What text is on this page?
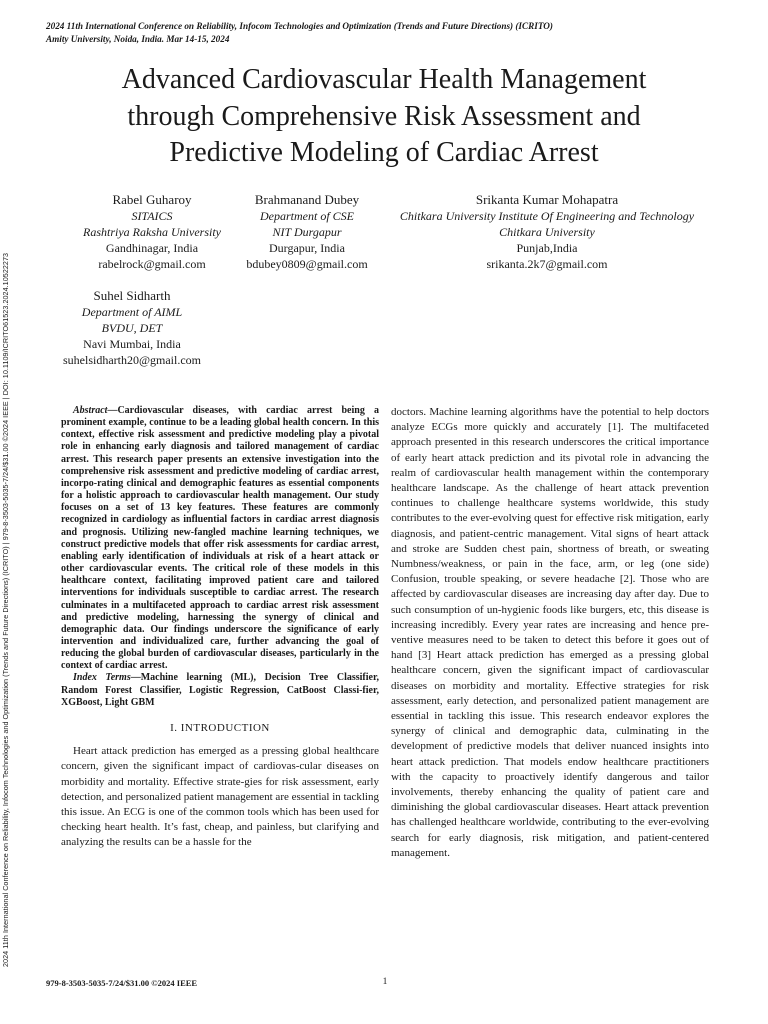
2024 11th International Conference on Reliability, Infocom Technologies and Optimization (Trends and Future Directions) (ICRITO)
Amity University, Noida, India. Mar 14-15, 2024
2024 11th International Conference on Reliability, Infocom Technologies and Optimization (Trends and Future Directions) (ICRITO) | 979-8-3503-5035-7/24/$31.00 ©2024 IEEE | DOI: 10.1109/ICRITO61523.2024.10522273
Advanced Cardiovascular Health Management
through Comprehensive Risk Assessment and
Predictive Modeling of Cardiac Arrest
Rabel Guharoy
SITAICS
Rashtriya Raksha University
Gandhinagar, India
rabelrock@gmail.com
Brahmanand Dubey
Department of CSE
NIT Durgapur
Durgapur, India
bdubey0809@gmail.com
Srikanta Kumar Mohapatra
Chitkara University Institute Of Engineering and Technology
Chitkara University
Punjab,India
srikanta.2k7@gmail.com
Suhel Sidharth
Department of AIML
BVDU, DET
Navi Mumbai, India
suhelsidharth20@gmail.com

Abstract—Cardiovascular diseases, with cardiac arrest being a prominent example, continue to be a leading global health concern. In this context, effective risk assessment and predictive modeling play a pivotal role in enhancing early diagnosis and tailored management of cardiac arrest. This research paper presents an extensive investigation into the comprehensive risk assessment and predictive modeling of cardiac arrest, incorpo-rating clinical and demographic features as essential components for a holistic approach to cardiovascular health management. Our study focuses on a set of 13 key features. These features are commonly recognized in cardiology as influential factors in cardiac arrest diagnosis and prognosis. Utilizing new-fangled machine learning techniques, we construct predictive models that offer risk assessments for cardiac arrest, enabling early identification of individuals at risk of a heart attack or other cardiovascular events. The critical role of these models in this healthcare context, facilitating improved patient care and tailored interventions for individuals susceptible to cardiac arrest. The research culminates in a multifaceted approach to cardiac arrest risk assessment and predictive modeling, harnessing the synergy of clinical and demographic data. Our findings underscore the significance of early intervention and individualized care, further advancing the goal of reducing the global burden of cardiovascular diseases, particularly in the context of cardiac arrest.

Index Terms—Machine learning (ML), Decision Tree Classifier, Random Forest Classifier, Logistic Regression, CatBoost Classi-fier, XGBoost, Light GBM

I. INTRODUCTION

Heart attack prediction has emerged as a pressing global healthcare concern, given the significant impact of cardiovas-cular diseases on morbidity and mortality. Effective strate-gies for risk assessment, early detection, and personalized patient management are essential in tackling this issue. An ECG is one of the common tools which has been used for checking heart health. It’s fast, cheap, and painless, but clarifying and analyzing the results can be a hassle for the

doctors. Machine learning algorithms have the potential to help doctors analyze ECGs more quickly and accurately [1]. The multifaceted approach presented in this research underscores the critical importance of early heart attack prediction and its pivotal role in advancing the realm of cardiovascular health management within the contemporary healthcare landscape. As the challenge of heart attack prevention continues to challenge healthcare systems worldwide, this study contributes to the ever-evolving quest for effective risk mitigation, early diagnosis, and patient-centric management. Vital signs of heart attack and stroke are Sudden chest pain, shortness of breath, or sweating Numbness/weakness, or pain in the face, arm, or leg (one side) Confusion, trouble speaking, or severe headache [2]. Those who are affected by cardiovascular diseases are increasing day after day. Due to such consumption of un-hygienic foods like burgers, etc, this disease is increasing incredibly. Every year rates are increasing and hence pre-ventive measures need to be taken to detect this before it goes out of hand [3] Heart attack prediction has emerged as a pressing global healthcare concern, given the significant impact of cardiovascular diseases on morbidity and mortality. Effective strategies for risk assessment, early detection, and personalized patient management are essential in tackling this issue. This research endeavor explores the synergy of clinical and demographic data, culminating in the development of predictive models that deliver nuanced insights into heart attack prediction. That models endow healthcare practitioners with the capacity to proactively identify dangerous and tailor involvements, thereby enhancing the quality of patient care and diminishing the global cardiovascular diseases. Heart attack prevention has challenged healthcare worldwide, contributing to the ever-evolving search for early diagnosis, risk mitigation, and patient-centered management.

979-8-3503-5035-7/24/$31.00 ©2024 IEEE	1
